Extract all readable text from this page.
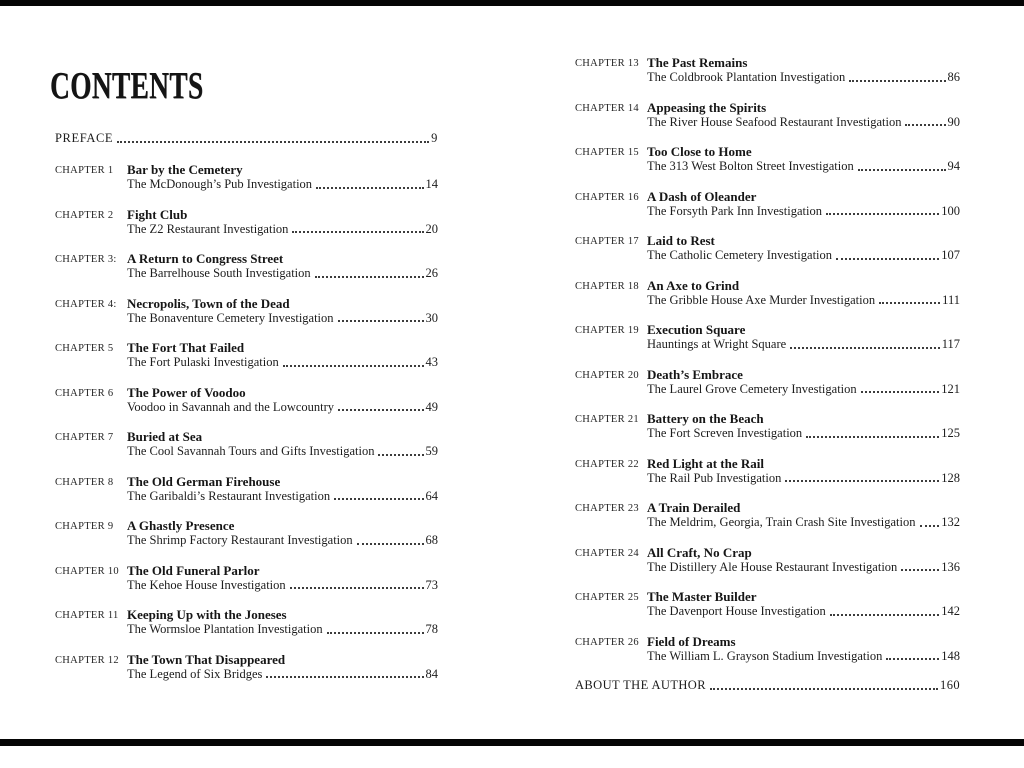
CONTENTS
PREFACE	9
CHAPTER 1	Bar by the Cemetery
The McDonough’s Pub Investigation	14
CHAPTER 2	Fight Club
The Z2 Restaurant Investigation	20
CHAPTER 3: A Return to Congress Street
The Barrelhouse South Investigation	26
CHAPTER 4: Necropolis, Town of the Dead
The Bonaventure Cemetery Investigation	30
CHAPTER 5	The Fort That Failed
The Fort Pulaski Investigation	43
CHAPTER 6	The Power of Voodoo
Voodoo in Savannah and the Lowcountry	49
CHAPTER 7	Buried at Sea
The Cool Savannah Tours and Gifts Investigation	59
CHAPTER 8	The Old German Firehouse
The Garibaldi’s Restaurant Investigation	64
CHAPTER 9	A Ghastly Presence
The Shrimp Factory Restaurant Investigation	68
CHAPTER 10 The Old Funeral Parlor
The Kehoe House Investigation	73
CHAPTER 11 Keeping Up with the Joneses
The Wormsloe Plantation Investigation	78
CHAPTER 12 The Town That Disappeared
The Legend of Six Bridges	84
CHAPTER 13 The Past Remains
The Coldbrook Plantation Investigation	86
CHAPTER 14 Appeasing the Spirits
The River House Seafood Restaurant Investigation	90
CHAPTER 15 Too Close to Home
The 313 West Bolton Street Investigation	94
CHAPTER 16 A Dash of Oleander
The Forsyth Park Inn Investigation	100
CHAPTER 17 Laid to Rest
The Catholic Cemetery Investigation	107
CHAPTER 18 An Axe to Grind
The Gribble House Axe Murder Investigation	111
CHAPTER 19 Execution Square
Hauntings at Wright Square	117
CHAPTER 20 Death’s Embrace
The Laurel Grove Cemetery Investigation	121
CHAPTER 21 Battery on the Beach
The Fort Screven Investigation	125
CHAPTER 22 Red Light at the Rail
The Rail Pub Investigation	128
CHAPTER 23 A Train Derailed
The Meldrim, Georgia, Train Crash Site Investigation 132
CHAPTER 24 All Craft, No Crap
The Distillery Ale House Restaurant Investigation	136
CHAPTER 25 The Master Builder
The Davenport House Investigation	142
CHAPTER 26 Field of Dreams
The William L. Grayson Stadium Investigation	148
ABOUT THE AUTHOR	160
